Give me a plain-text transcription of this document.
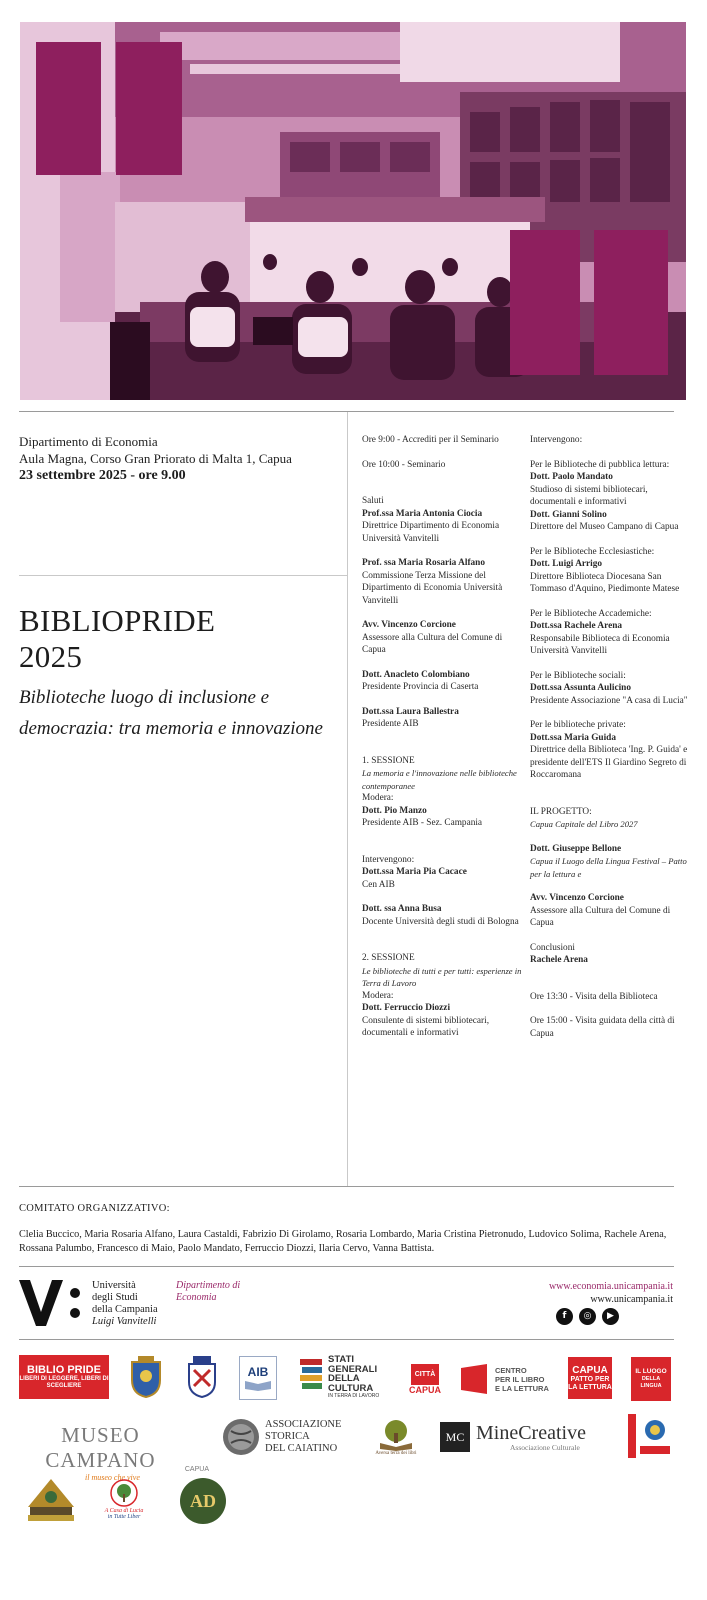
Dipartimento di Economia
Aula Magna, Corso Gran Priorato di Malta 1, Capua
23 settembre 2025 - ore 9.00
BIBLIOPRIDE
2025
Biblioteche luogo di inclusione e democrazia: tra memoria e innovazione

Ore 9:00 - Accrediti per il Seminario

Ore 10:00 - Seminario

Saluti

Prof.ssa Maria Antonia Ciocia

Direttrice Dipartimento di Economia Università Vanvitelli

Prof. ssa Maria Rosaria Alfano

Commissione Terza Missione del Dipartimento di Economia Università Vanvitelli

Avv. Vincenzo Corcione

Assessore alla Cultura del Comune di Capua

Dott. Anacleto Colombiano

Presidente Provincia di Caserta

Dott.ssa Laura Ballestra

Presidente AIB

1. SESSIONE

La memoria e l'innovazione nelle biblioteche contemporanee

Modera:

Dott. Pio Manzo

Presidente AIB - Sez. Campania

Intervengono:

Dott.ssa Maria Pia Cacace

Cen AIB

Dott. ssa Anna Busa

Docente Università degli studi di Bologna

2. SESSIONE

Le biblioteche di tutti e per tutti: esperienze in Terra di Lavoro

Modera:

Dott. Ferruccio Diozzi

Consulente di sistemi bibliotecari, documentali e informativi

Intervengono:

Per le Biblioteche di pubblica lettura:

Dott. Paolo Mandato

Studioso di sistemi bibliotecari, documentali e informativi

Dott. Gianni Solino

Direttore del Museo Campano di Capua

Per le Biblioteche Ecclesiastiche:

Dott. Luigi Arrigo

Direttore Biblioteca Diocesana San Tommaso d'Aquino, Piedimonte Matese

Per le Biblioteche Accademiche:

Dott.ssa Rachele Arena

Responsabile Biblioteca di Economia Università Vanvitelli

Per le Biblioteche sociali:

Dott.ssa Assunta Aulicino

Presidente Associazione "A casa di Lucia"

Per le biblioteche private:

Dott.ssa Maria Guida

Direttrice della Biblioteca 'Ing. P. Guida' e presidente dell'ETS Il Giardino Segreto di Roccaromana

IL PROGETTO:

Capua Capitale del Libro 2027

Dott. Giuseppe Bellone

Capua il Luogo della Lingua Festival – Patto per la lettura e

Avv. Vincenzo Corcione

Assessore alla Cultura del Comune di Capua

Conclusioni

Rachele Arena

Ore 13:30 - Visita della Biblioteca

Ore 15:00 - Visita guidata della città di Capua

COMITATO ORGANIZZATIVO:
Clelia Buccico, Maria Rosaria Alfano, Laura Castaldi, Fabrizio Di Girolamo, Rosaria Lombardo, Maria Cristina Pietronudo, Ludovico Solima, Rachele Arena, Rossana Palumbo, Francesco di Maio, Paolo Mandato, Ferruccio Diozzi, Ilaria Cervo, Vanna Battista.
Università
degli Studi
della Campania
Luigi Vanvitelli
Dipartimento di
Economia
www.economia.unicampania.it
www.unicampania.it
f	◎	▶
BIBLIO PRIDE
LIBERI DI LEGGERE, LIBERI DI SCEGLIERE
AIB
STATI
GENERALI
DELLA
CULTURA
IN TERRA DI LAVORO
CITTÀ
CAPUA
CENTRO
PER IL LIBRO
E LA LETTURA
CAPUA
PATTO PER
LA LETTURA
IL LUOGO
DELLA LINGUA
MUSEO CAMPANO	CAPUA
il museo che vive
ASSOCIAZIONE
STORICA
DEL CAIATINO	Aversa terra dei libri
MC MineCreative
Associazione Culturale
A Casa di Lucia
in Tutte Liber
AD
